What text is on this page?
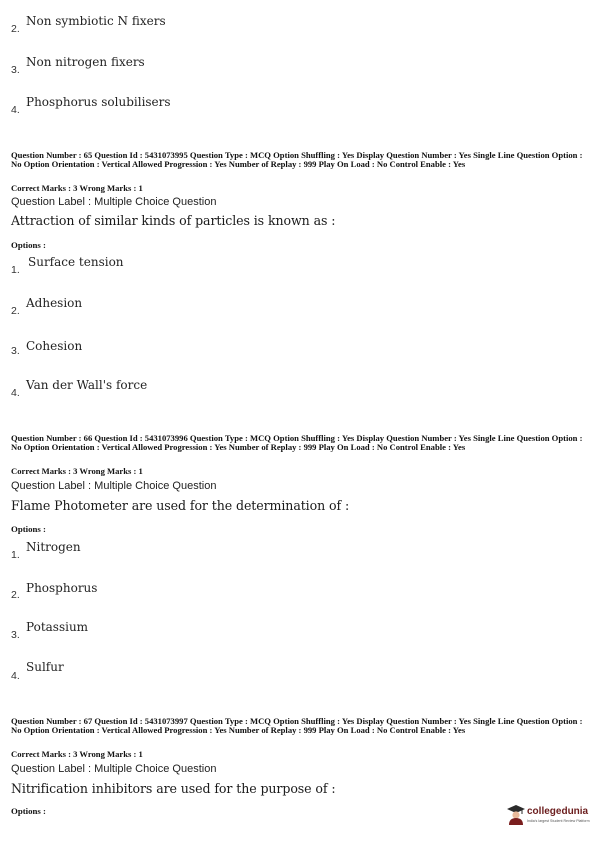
2.
Non symbiotic N fixers
3.
Non nitrogen fixers
4.
Phosphorus solubilisers
Question Number : 65 Question Id : 5431073995 Question Type : MCQ Option Shuffling : Yes Display Question Number : Yes Single Line Question Option : No Option Orientation : Vertical Allowed Progression : Yes Number of Replay : 999 Play On Load : No Control Enable : Yes
Correct Marks : 3 Wrong Marks : 1
Question Label : Multiple Choice Question
Attraction of similar kinds of particles is known as :
Options :
1.
Surface tension
2.
Adhesion
3. Cohesion
4.
Van der Wall's force
Question Number : 66 Question Id : 5431073996 Question Type : MCQ Option Shuffling : Yes Display Question Number : Yes Single Line Question Option : No Option Orientation : Vertical Allowed Progression : Yes Number of Replay : 999 Play On Load : No Control Enable : Yes
Correct Marks : 3 Wrong Marks : 1
Question Label : Multiple Choice Question
Flame Photometer are used for the determination of :
Options :
1.
Nitrogen
2. Phosphorus
3.
Potassium
4.
Sulfur
Question Number : 67 Question Id : 5431073997 Question Type : MCQ Option Shuffling : Yes Display Question Number : Yes Single Line Question Option : No Option Orientation : Vertical Allowed Progression : Yes Number of Replay : 999 Play On Load : No Control Enable : Yes
Correct Marks : 3 Wrong Marks : 1
Question Label : Multiple Choice Question
Nitrification inhibitors are used for the purpose of :
Options :	collegedunia
India's largest Student Review Platform
